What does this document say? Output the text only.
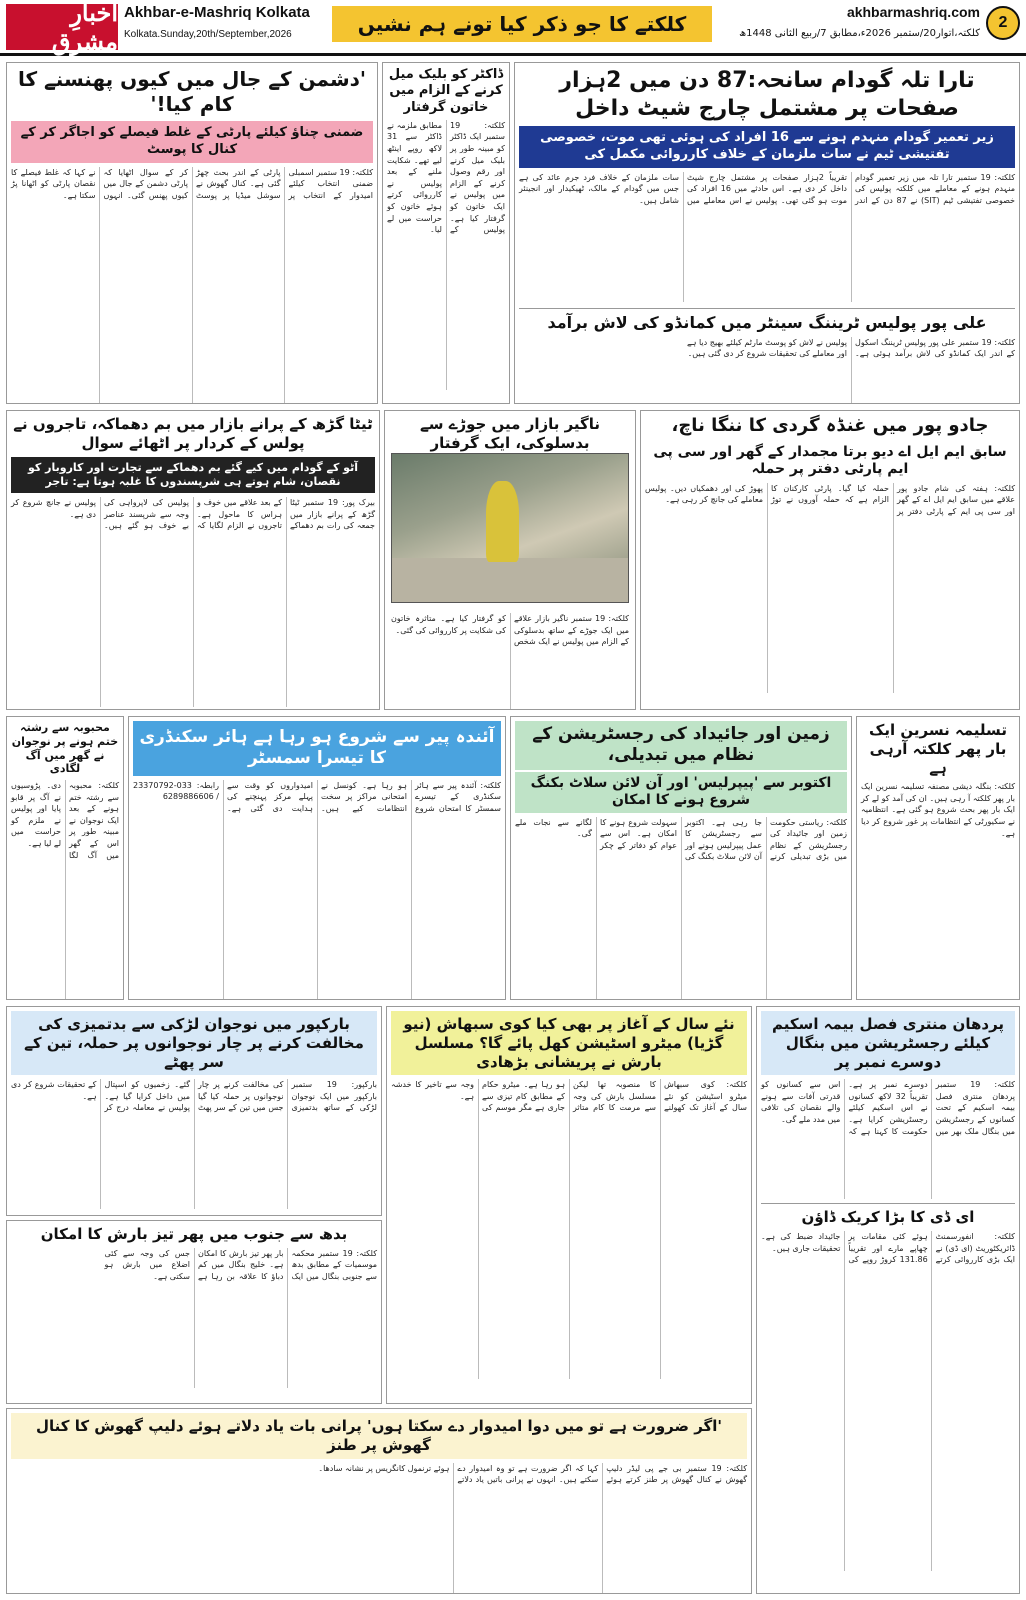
اخبارِ مشرق
Akhbar-e-Mashriq Kolkata
Kolkata.Sunday,20th/September,2026	کلکتے کا جو ذکر کیا تونے ہم نشیں	akhbarmashriq.com
کلکتہ،اتوار20/ستمبر 2026ء،مطابق 7/ربیع الثانی 1448ھ
2
تارا تلہ گودام سانحہ:87 دن میں 2ہزار صفحات پر مشتمل چارج شیٹ داخل
زیر تعمیر گودام منہدم ہونے سے 16 افراد کی ہوئی تھی موت، خصوصی تفتیشی ٹیم نے سات ملزمان کے خلاف کارروائی مکمل کی

کلکتہ: 19 ستمبر تارا تلہ میں زیر تعمیر گودام منہدم ہونے کے معاملے میں کلکتہ پولیس کی خصوصی تفتیشی ٹیم (SIT) نے 87 دن کے اندر تقریباً 2ہزار صفحات پر مشتمل چارج شیٹ داخل کر دی ہے۔ اس حادثے میں 16 افراد کی موت ہو گئی تھی۔ پولیس نے اس معاملے میں سات ملزمان کے خلاف فرد جرم عائد کی ہے جس میں گودام کے مالک، ٹھیکیدار اور انجینئر شامل ہیں۔

علی پور پولیس ٹریننگ سینٹر میں کمانڈو کی لاش برآمد

کلکتہ: 19 ستمبر علی پور پولیس ٹریننگ اسکول کے اندر ایک کمانڈو کی لاش برآمد ہوئی ہے۔ پولیس نے لاش کو پوسٹ مارٹم کیلئے بھیج دیا ہے اور معاملے کی تحقیقات شروع کر دی گئی ہیں۔

ڈاکٹر کو بلیک میل کرنے کے الزام میں خاتون گرفتار

کلکتہ: 19 ستمبر ایک ڈاکٹر کو مبینہ طور پر بلیک میل کرنے اور رقم وصول کرنے کے الزام میں پولیس نے ایک خاتون کو گرفتار کیا ہے۔ پولیس کے مطابق ملزمہ نے ڈاکٹر سے 31 لاکھ روپے اینٹھ لیے تھے۔ شکایت ملنے کے بعد پولیس نے کارروائی کرتے ہوئے خاتون کو حراست میں لے لیا۔

'دشمن کے جال میں کیوں پھنسنے کا کام کیا!'
ضمنی چناؤ کیلئے پارٹی کے غلط فیصلے کو اجاگر کر کے کنال کا پوسٹ

کلکتہ: 19 ستمبر اسمبلی ضمنی انتخاب کیلئے امیدوار کے انتخاب پر پارٹی کے اندر بحث چھڑ گئی ہے۔ کنال گھوش نے سوشل میڈیا پر پوسٹ کر کے سوال اٹھایا کہ پارٹی دشمن کے جال میں کیوں پھنس گئی۔ انہوں نے کہا کہ غلط فیصلے کا نقصان پارٹی کو اٹھانا پڑ سکتا ہے۔

جادو پور میں غنڈہ گردی کا ننگا ناچ،
سابق ایم ایل اے دیو برتا مجمدار کے گھر اور سی پی ایم پارٹی دفتر پر حملہ

کلکتہ: ہفتہ کی شام جادو پور علاقے میں سابق ایم ایل اے کے گھر اور سی پی ایم کے پارٹی دفتر پر حملہ کیا گیا۔ پارٹی کارکنان کا الزام ہے کہ حملہ آوروں نے توڑ پھوڑ کی اور دھمکیاں دیں۔ پولیس معاملے کی جانچ کر رہی ہے۔

ناگیر بازار میں جوڑے سے بدسلوکی، ایک گرفتار

کلکتہ: 19 ستمبر ناگیر بازار علاقے میں ایک جوڑے کے ساتھ بدسلوکی کے الزام میں پولیس نے ایک شخص کو گرفتار کیا ہے۔ متاثرہ خاتون کی شکایت پر کارروائی کی گئی۔

ٹیٹا گڑھ کے پرانے بازار میں بم دھماکہ، تاجروں نے پولس کے کردار پر اٹھائے سوال
آٹو کے گودام میں کیے گئے بم دھماکے سے تجارت اور کاروبار کو نقصان، شام ہوتے ہی شرپسندوں کا غلبہ ہوتا ہے: تاجر

بیرک پور: 19 ستمبر ٹیٹا گڑھ کے پرانے بازار میں جمعہ کی رات بم دھماکے کے بعد علاقے میں خوف و ہراس کا ماحول ہے۔ تاجروں نے الزام لگایا کہ پولیس کی لاپرواہی کی وجہ سے شرپسند عناصر بے خوف ہو گئے ہیں۔ پولیس نے جانچ شروع کر دی ہے۔

تسلیمہ نسرین ایک بار پھر کلکتہ آرہی ہے

کلکتہ: بنگلہ دیشی مصنفہ تسلیمہ نسرین ایک بار پھر کلکتہ آ رہی ہیں۔ ان کی آمد کو لے کر ایک بار پھر بحث شروع ہو گئی ہے۔ انتظامیہ نے سکیورٹی کے انتظامات پر غور شروع کر دیا ہے۔

زمین اور جائیداد کی رجسٹریشن کے نظام میں تبدیلی،
اکتوبر سے 'پیپرلیس' اور آن لائن سلاٹ بکنگ شروع ہونے کا امکان

کلکتہ: ریاستی حکومت زمین اور جائیداد کی رجسٹریشن کے نظام میں بڑی تبدیلی کرنے جا رہی ہے۔ اکتوبر سے رجسٹریشن کا عمل پیپرلیس ہونے اور آن لائن سلاٹ بکنگ کی سہولت شروع ہونے کا امکان ہے۔ اس سے عوام کو دفاتر کے چکر لگانے سے نجات ملے گی۔

آئندہ پیر سے شروع ہو رہا ہے ہائر سکنڈری کا تیسرا سمسٹر

کلکتہ: آئندہ پیر سے ہائر سکنڈری کے تیسرے سمسٹر کا امتحان شروع ہو رہا ہے۔ کونسل نے امتحانی مراکز پر سخت انتظامات کیے ہیں۔ امیدواروں کو وقت سے پہلے مرکز پہنچنے کی ہدایت دی گئی ہے۔ رابطہ: 033-23370792 / 6289886606

محبوبہ سے رشتہ ختم ہونے پر نوجوان نے گھر میں آگ لگادی

کلکتہ: محبوبہ سے رشتہ ختم ہونے کے بعد ایک نوجوان نے مبینہ طور پر اس کے گھر میں آگ لگا دی۔ پڑوسیوں نے آگ پر قابو پایا اور پولیس نے ملزم کو حراست میں لے لیا ہے۔

پردھان منتری فصل بیمہ اسکیم کیلئے رجسٹریشن میں بنگال دوسرے نمبر پر

کلکتہ: 19 ستمبر پردھان منتری فصل بیمہ اسکیم کے تحت کسانوں کے رجسٹریشن میں بنگال ملک بھر میں دوسرے نمبر پر ہے۔ تقریباً 32 لاکھ کسانوں نے اس اسکیم کیلئے رجسٹریشن کرایا ہے۔ حکومت کا کہنا ہے کہ اس سے کسانوں کو قدرتی آفات سے ہونے والے نقصان کی تلافی میں مدد ملے گی۔

ای ڈی کا بڑا کریک ڈاؤن

کلکتہ: انفورسمنٹ ڈائریکٹوریٹ (ای ڈی) نے ایک بڑی کارروائی کرتے ہوئے کئی مقامات پر چھاپے مارے اور تقریباً 131.86 کروڑ روپے کی جائیداد ضبط کی ہے۔ تحقیقات جاری ہیں۔

نئے سال کے آغاز پر بھی کیا کوی سبھاش (نیو گڑیا) میٹرو اسٹیشن کھل پائے گا؟ مسلسل بارش نے پریشانی بڑھادی

کلکتہ: کوی سبھاش میٹرو اسٹیشن کو نئے سال کے آغاز تک کھولنے کا منصوبہ تھا لیکن مسلسل بارش کی وجہ سے مرمت کا کام متاثر ہو رہا ہے۔ میٹرو حکام کے مطابق کام تیزی سے جاری ہے مگر موسم کی وجہ سے تاخیر کا خدشہ ہے۔

بارکپور میں نوجوان لڑکی سے بدتمیزی کی مخالفت کرنے پر چار نوجوانوں پر حملہ، تین کے سر پھٹے

بارکپور: 19 ستمبر بارکپور میں ایک نوجوان لڑکی کے ساتھ بدتمیزی کی مخالفت کرنے پر چار نوجوانوں پر حملہ کیا گیا جس میں تین کے سر پھٹ گئے۔ زخمیوں کو اسپتال میں داخل کرایا گیا ہے۔ پولیس نے معاملہ درج کر کے تحقیقات شروع کر دی ہے۔

بدھ سے جنوب میں پھر تیز بارش کا امکان

کلکتہ: 19 ستمبر محکمہ موسمیات کے مطابق بدھ سے جنوبی بنگال میں ایک بار پھر تیز بارش کا امکان ہے۔ خلیج بنگال میں کم دباؤ کا علاقہ بن رہا ہے جس کی وجہ سے کئی اضلاع میں بارش ہو سکتی ہے۔

'اگر ضرورت ہے تو میں دوا امیدوار دے سکتا ہوں' پرانی بات یاد دلاتے ہوئے دلیپ گھوش کا کنال گھوش پر طنز

کلکتہ: 19 ستمبر بی جے پی لیڈر دلیپ گھوش نے کنال گھوش پر طنز کرتے ہوئے کہا کہ اگر ضرورت ہے تو وہ امیدوار دے سکتے ہیں۔ انہوں نے پرانی باتیں یاد دلاتے ہوئے ترنمول کانگریس پر نشانہ سادھا۔
